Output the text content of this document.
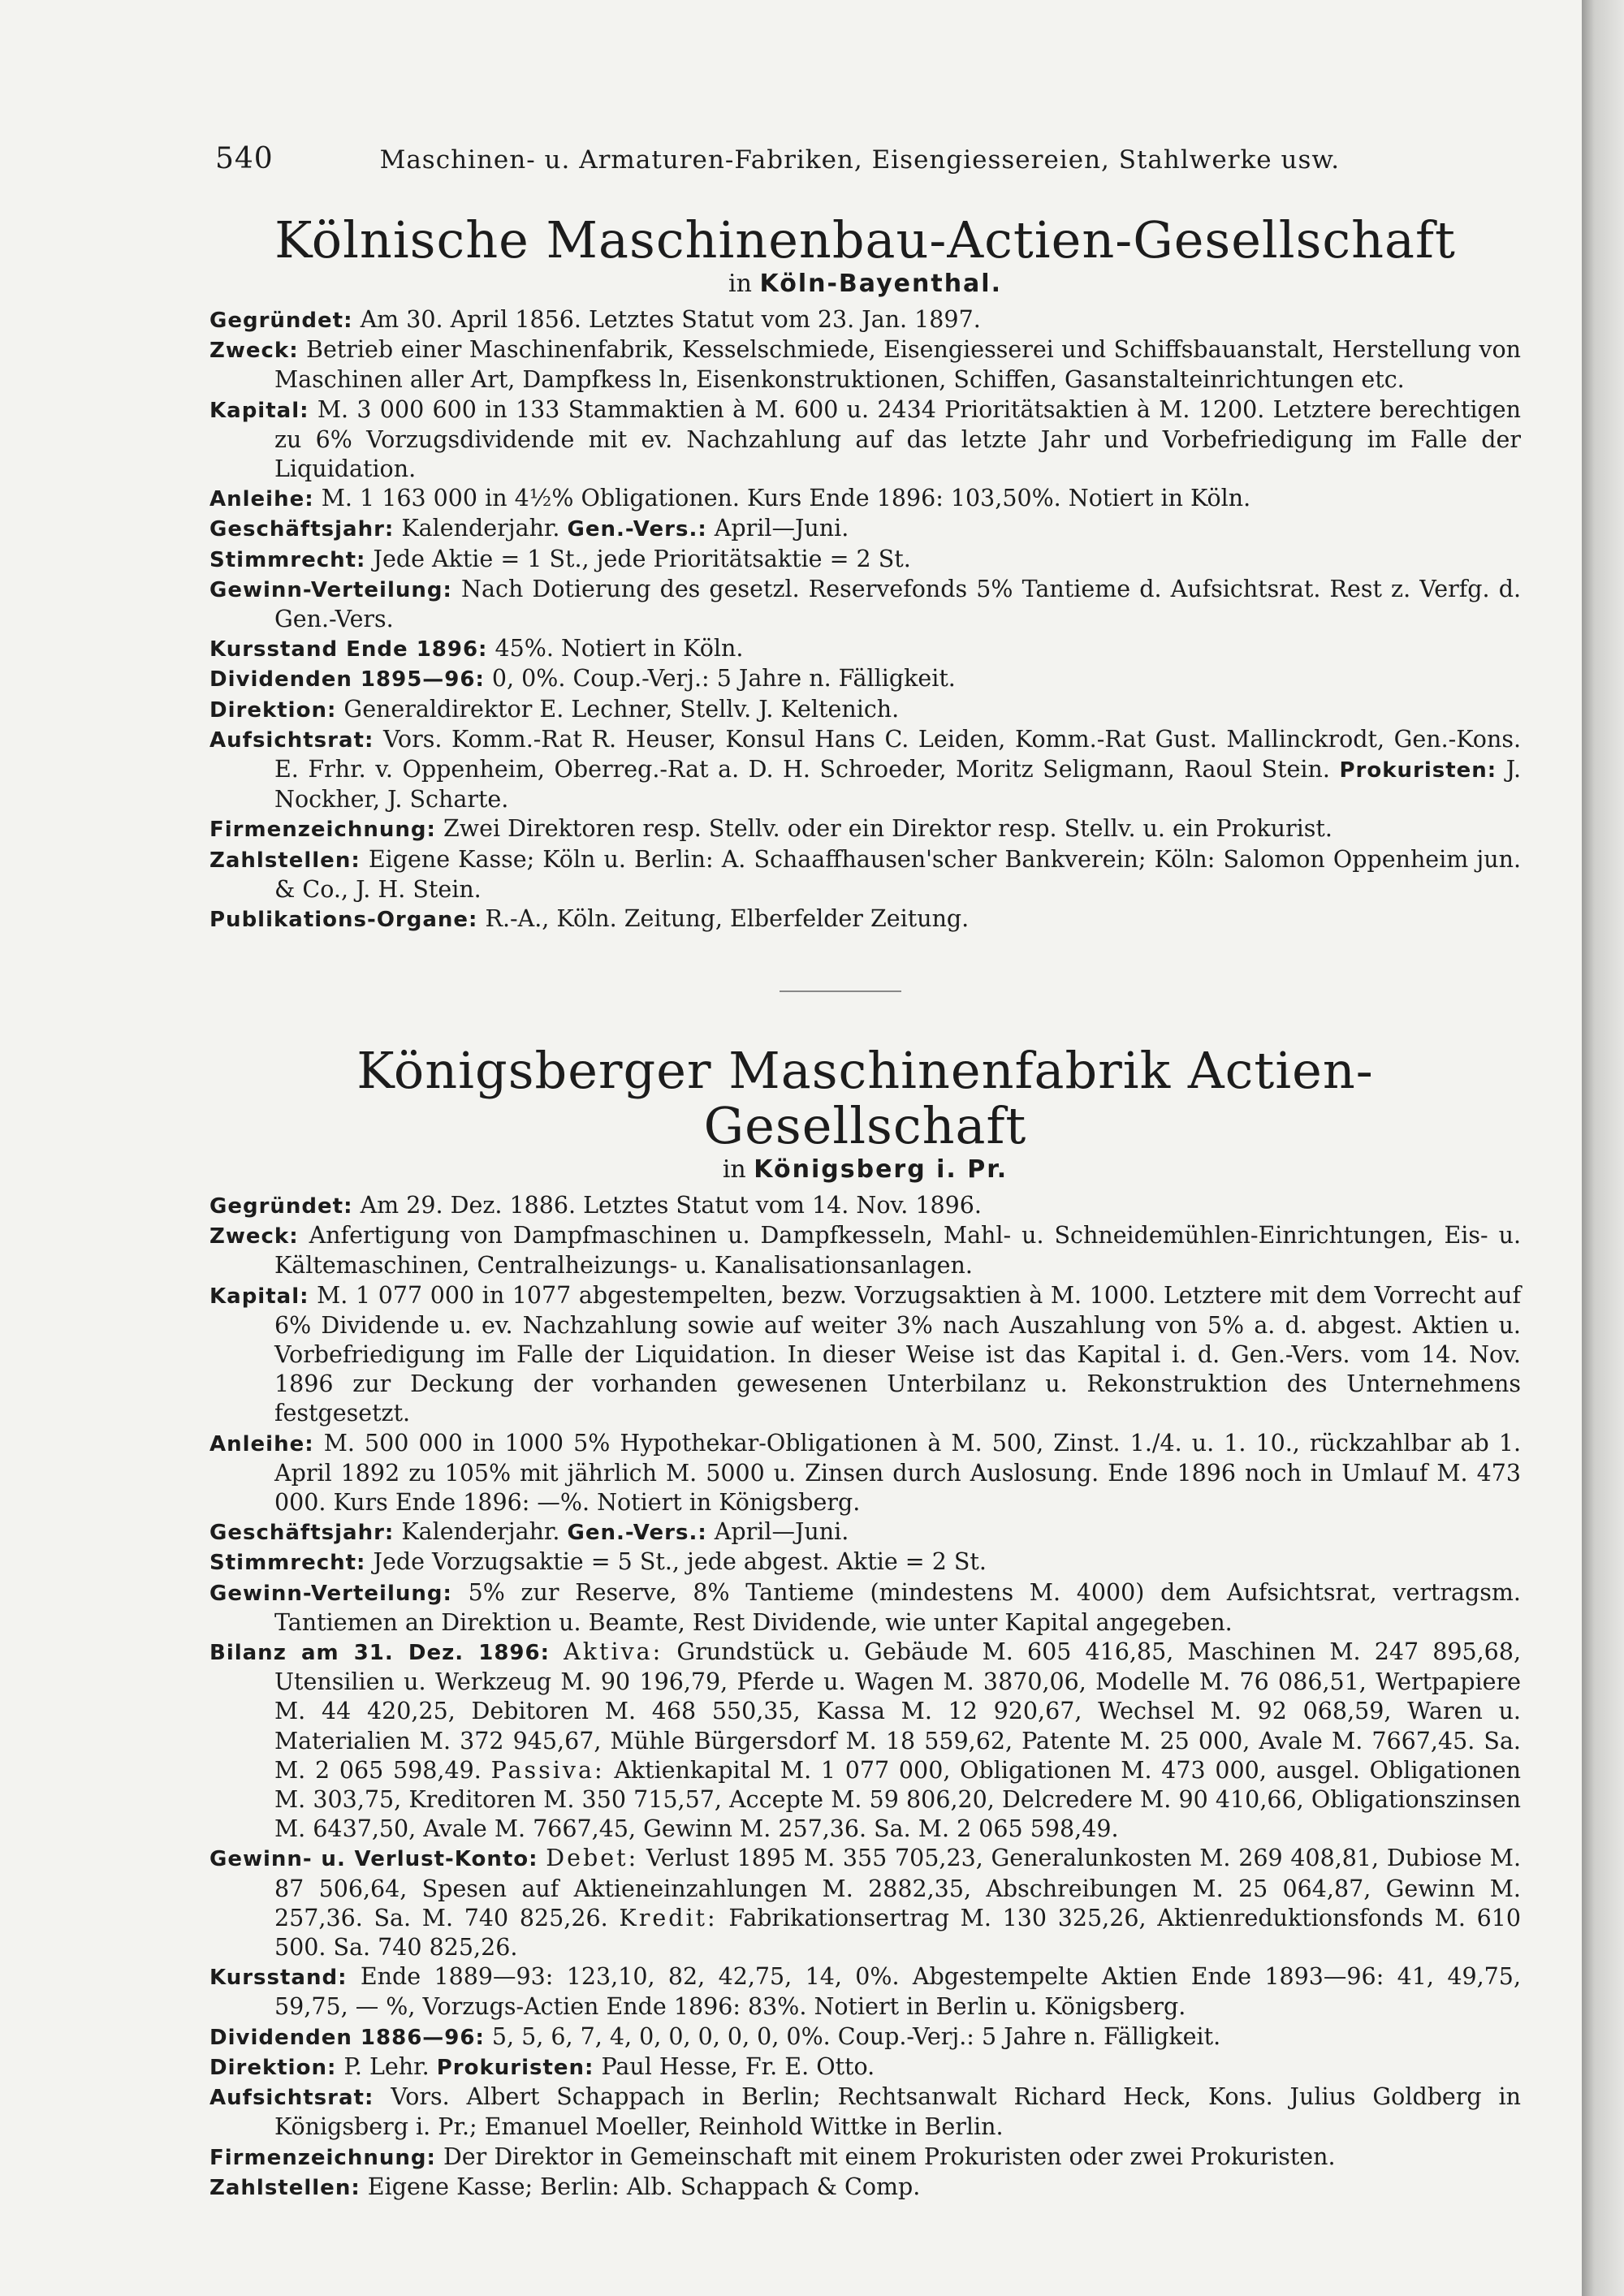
540	Maschinen- u. Armaturen-Fabriken, Eisengiessereien, Stahlwerke usw.
Kölnische Maschinenbau-Actien-Gesellschaft
in Köln-Bayenthal.

Gegründet: Am 30. April 1856. Letztes Statut vom 23. Jan. 1897.

Zweck: Betrieb einer Maschinenfabrik, Kesselschmiede, Eisengiesserei und Schiffsbauanstalt, Herstellung von Maschinen aller Art, Dampfkess ln, Eisenkonstruktionen, Schiffen, Gasanstalteinrichtungen etc.

Kapital: M. 3 000 600 in 133 Stammaktien à M. 600 u. 2434 Prioritätsaktien à M. 1200. Letztere berechtigen zu 6% Vorzugsdividende mit ev. Nachzahlung auf das letzte Jahr und Vorbefriedigung im Falle der Liquidation.

Anleihe: M. 1 163 000 in 4½% Obligationen. Kurs Ende 1896: 103,50%. Notiert in Köln.

Geschäftsjahr: Kalenderjahr. Gen.-Vers.: April—Juni.

Stimmrecht: Jede Aktie = 1 St., jede Prioritätsaktie = 2 St.

Gewinn-Verteilung: Nach Dotierung des gesetzl. Reservefonds 5% Tantieme d. Aufsichtsrat. Rest z. Verfg. d. Gen.-Vers.

Kursstand Ende 1896: 45%. Notiert in Köln.

Dividenden 1895—96: 0, 0%. Coup.-Verj.: 5 Jahre n. Fälligkeit.

Direktion: Generaldirektor E. Lechner, Stellv. J. Keltenich.

Aufsichtsrat: Vors. Komm.-Rat R. Heuser, Konsul Hans C. Leiden, Komm.-Rat Gust. Mallinckrodt, Gen.-Kons. E. Frhr. v. Oppenheim, Oberreg.-Rat a. D. H. Schroeder, Moritz Seligmann, Raoul Stein. Prokuristen: J. Nockher, J. Scharte.

Firmenzeichnung: Zwei Direktoren resp. Stellv. oder ein Direktor resp. Stellv. u. ein Prokurist.

Zahlstellen: Eigene Kasse; Köln u. Berlin: A. Schaaffhausen'scher Bankverein; Köln: Salomon Oppenheim jun. & Co., J. H. Stein.

Publikations-Organe: R.-A., Köln. Zeitung, Elberfelder Zeitung.

Königsberger Maschinenfabrik Actien-Gesellschaft
in Königsberg i. Pr.

Gegründet: Am 29. Dez. 1886. Letztes Statut vom 14. Nov. 1896.

Zweck: Anfertigung von Dampfmaschinen u. Dampfkesseln, Mahl- u. Schneidemühlen-Einrichtungen, Eis- u. Kältemaschinen, Centralheizungs- u. Kanalisationsanlagen.

Kapital: M. 1 077 000 in 1077 abgestempelten, bezw. Vorzugsaktien à M. 1000. Letztere mit dem Vorrecht auf 6% Dividende u. ev. Nachzahlung sowie auf weiter 3% nach Auszahlung von 5% a. d. abgest. Aktien u. Vorbefriedigung im Falle der Liquidation. In dieser Weise ist das Kapital i. d. Gen.-Vers. vom 14. Nov. 1896 zur Deckung der vorhanden gewesenen Unterbilanz u. Rekonstruktion des Unternehmens festgesetzt.

Anleihe: M. 500 000 in 1000 5% Hypothekar-Obligationen à M. 500, Zinst. 1./4. u. 1. 10., rückzahlbar ab 1. April 1892 zu 105% mit jährlich M. 5000 u. Zinsen durch Auslosung. Ende 1896 noch in Umlauf M. 473 000. Kurs Ende 1896: —%. Notiert in Königsberg.

Geschäftsjahr: Kalenderjahr. Gen.-Vers.: April—Juni.

Stimmrecht: Jede Vorzugsaktie = 5 St., jede abgest. Aktie = 2 St.

Gewinn-Verteilung: 5% zur Reserve, 8% Tantieme (mindestens M. 4000) dem Aufsichtsrat, vertragsm. Tantiemen an Direktion u. Beamte, Rest Dividende, wie unter Kapital angegeben.

Bilanz am 31. Dez. 1896: Aktiva: Grundstück u. Gebäude M. 605 416,85, Maschinen M. 247 895,68, Utensilien u. Werkzeug M. 90 196,79, Pferde u. Wagen M. 3870,06, Modelle M. 76 086,51, Wertpapiere M. 44 420,25, Debitoren M. 468 550,35, Kassa M. 12 920,67, Wechsel M. 92 068,59, Waren u. Materialien M. 372 945,67, Mühle Bürgersdorf M. 18 559,62, Patente M. 25 000, Avale M. 7667,45. Sa. M. 2 065 598,49. Passiva: Aktienkapital M. 1 077 000, Obligationen M. 473 000, ausgel. Obligationen M. 303,75, Kreditoren M. 350 715,57, Accepte M. 59 806,20, Delcredere M. 90 410,66, Obligationszinsen M. 6437,50, Avale M. 7667,45, Gewinn M. 257,36. Sa. M. 2 065 598,49.

Gewinn- u. Verlust-Konto: Debet: Verlust 1895 M. 355 705,23, Generalunkosten M. 269 408,81, Dubiose M. 87 506,64, Spesen auf Aktieneinzahlungen M. 2882,35, Abschreibungen M. 25 064,87, Gewinn M. 257,36. Sa. M. 740 825,26. Kredit: Fabrikationsertrag M. 130 325,26, Aktienreduktionsfonds M. 610 500. Sa. 740 825,26.

Kursstand: Ende 1889—93: 123,10, 82, 42,75, 14, 0%. Abgestempelte Aktien Ende 1893—96: 41, 49,75, 59,75, — %, Vorzugs-Actien Ende 1896: 83%. Notiert in Berlin u. Königsberg.

Dividenden 1886—96: 5, 5, 6, 7, 4, 0, 0, 0, 0, 0, 0%. Coup.-Verj.: 5 Jahre n. Fälligkeit.

Direktion: P. Lehr. Prokuristen: Paul Hesse, Fr. E. Otto.

Aufsichtsrat: Vors. Albert Schappach in Berlin; Rechtsanwalt Richard Heck, Kons. Julius Goldberg in Königsberg i. Pr.; Emanuel Moeller, Reinhold Wittke in Berlin.

Firmenzeichnung: Der Direktor in Gemeinschaft mit einem Prokuristen oder zwei Prokuristen.

Zahlstellen: Eigene Kasse; Berlin: Alb. Schappach & Comp.
